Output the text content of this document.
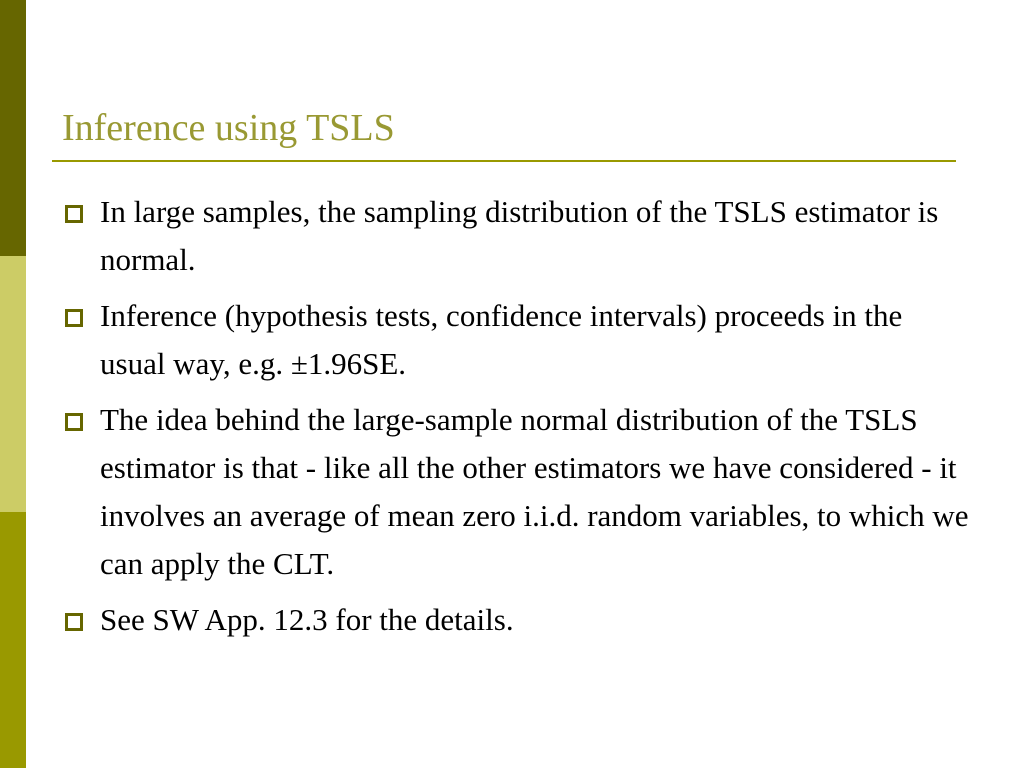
Inference using TSLS
In large samples, the sampling distribution of the TSLS estimator is normal.
Inference (hypothesis tests, confidence intervals) proceeds in the usual way, e.g. ±1.96SE.
The idea behind the large-sample normal distribution of the TSLS estimator is that - like all the other estimators we have considered - it involves an average of mean zero i.i.d. random variables, to which we can apply the CLT.
See SW App. 12.3 for the details.
